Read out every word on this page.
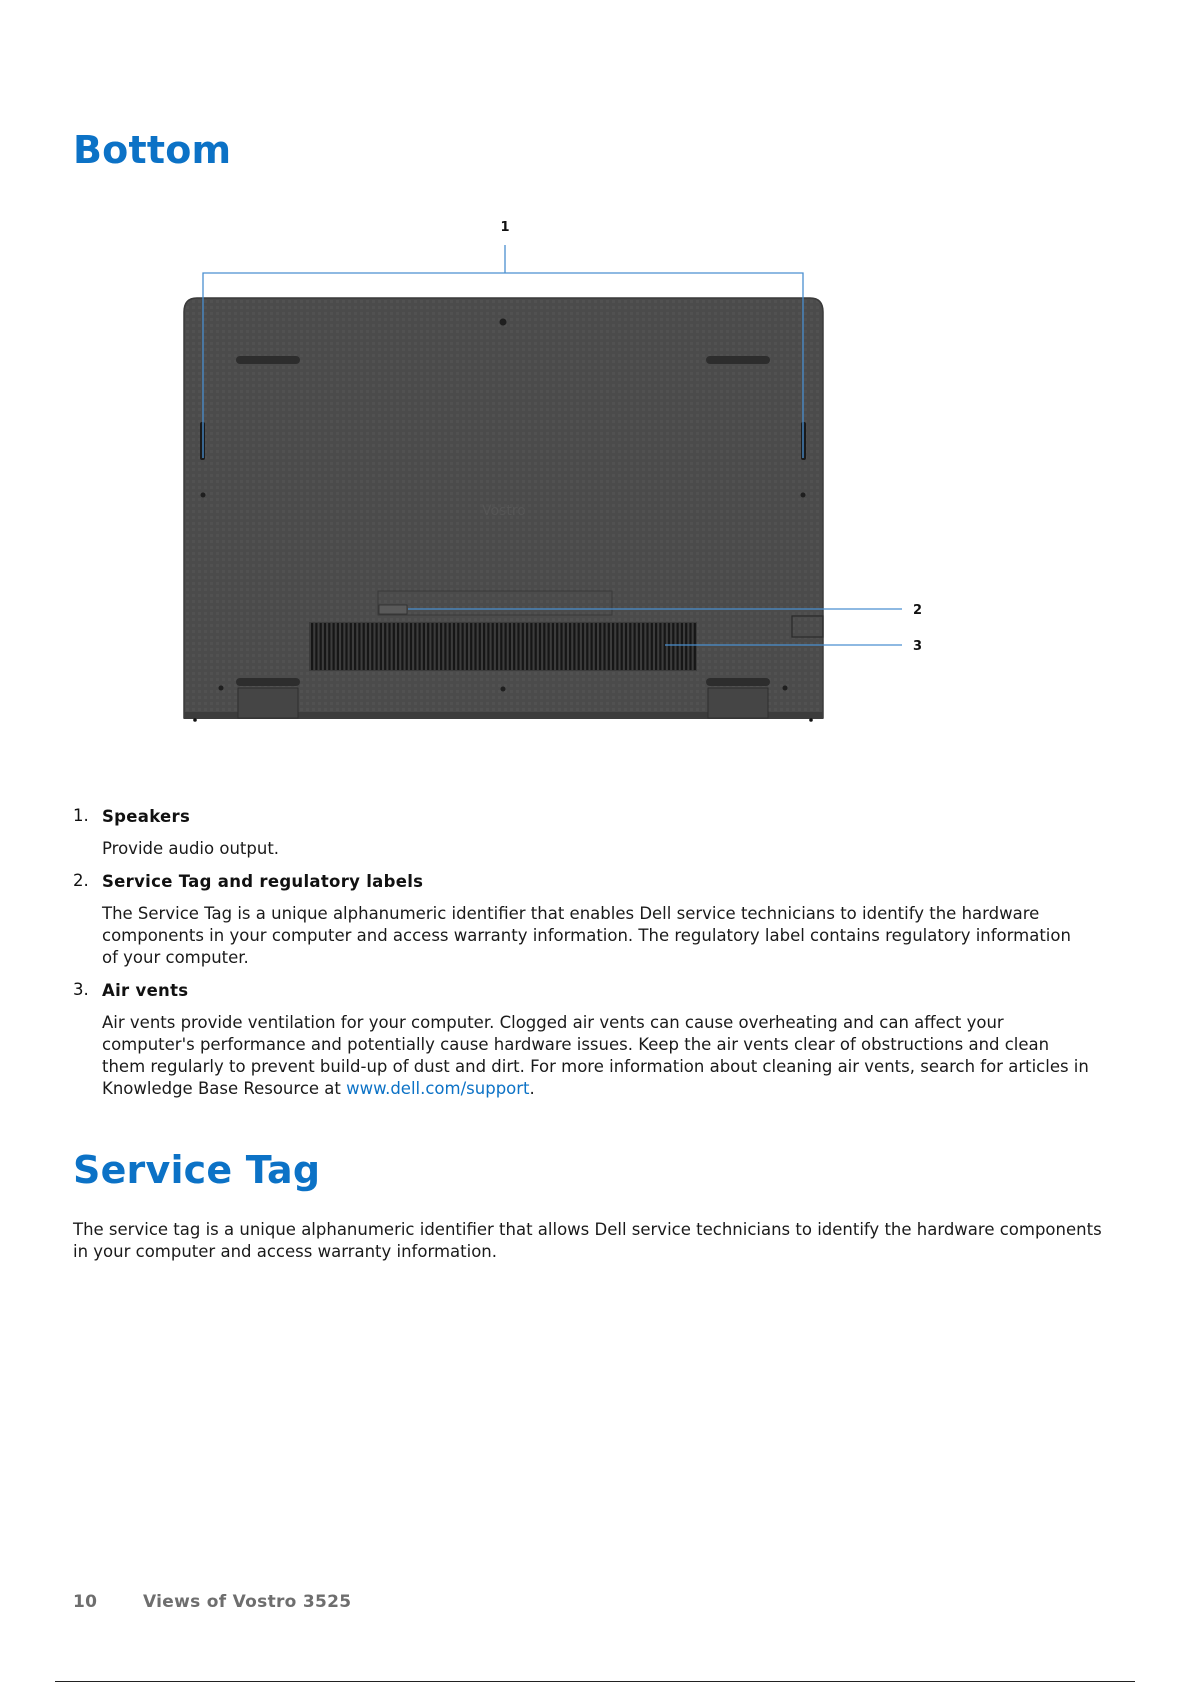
Bottom
Vostro
1
2
3
1. Speakers
Provide audio output.
2. Service Tag and regulatory labels
The Service Tag is a unique alphanumeric identifier that enables Dell service technicians to identify the hardware components in your computer and access warranty information. The regulatory label contains regulatory information of your computer.
3. Air vents
Air vents provide ventilation for your computer. Clogged air vents can cause overheating and can affect your computer's performance and potentially cause hardware issues. Keep the air vents clear of obstructions and clean them regularly to prevent build-up of dust and dirt. For more information about cleaning air vents, search for articles in Knowledge Base Resource at www.dell.com/support.
Service Tag

The service tag is a unique alphanumeric identifier that allows Dell service technicians to identify the hardware components in your computer and access warranty information.

10	Views of Vostro 3525
